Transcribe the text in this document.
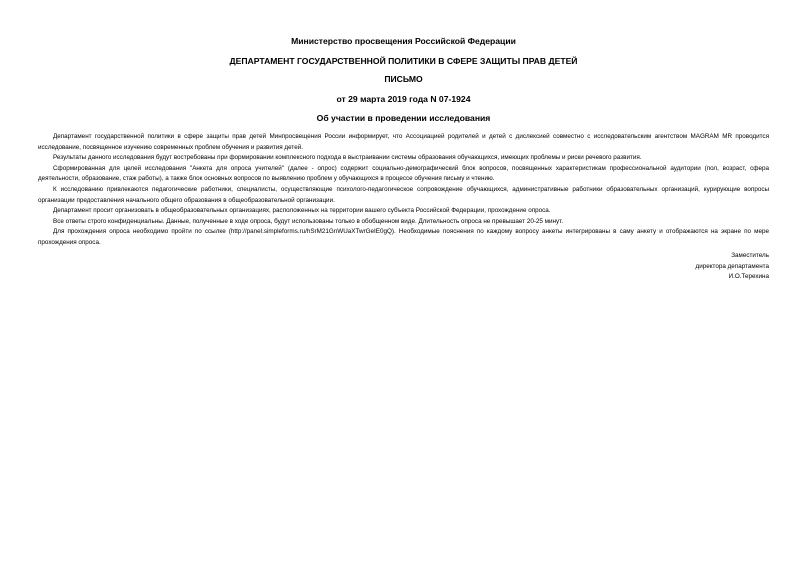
Министерство просвещения Российской Федерации
ДЕПАРТАМЕНТ ГОСУДАРСТВЕННОЙ ПОЛИТИКИ В СФЕРЕ ЗАЩИТЫ ПРАВ ДЕТЕЙ
ПИСЬМО
от 29 марта 2019 года N 07-1924
Об участии в проведении исследования

Департамент государственной политики в сфере защиты прав детей Минпросвещения России информирует, что Ассоциацией родителей и детей с дислексией совместно с исследовательским агентством MAGRAM MR проводится исследование, посвященное изучению современных проблем обучения и развития детей.

Результаты данного исследования будут востребованы при формировании комплексного подхода в выстраивании системы образования обучающихся, имеющих проблемы и риски речевого развития.

Сформированная для целей исследования "Анкета для опроса учителей" (далее - опрос) содержит социально-демографический блок вопросов, посвященных характеристикам профессиональной аудитории (пол, возраст, сфера деятельности, образование, стаж работы), а также блок основных вопросов по выявлению проблем у обучающихся в процессе обучения письму и чтению.

К исследованию привлекаются педагогические работники, специалисты, осуществляющие психолого-педагогическое сопровождение обучающихся, административные работники образовательных организаций, курирующие вопросы организации предоставления начального общего образования в общеобразовательной организации.

Департамент просит организовать в общеобразовательных организациях, расположенных на территории вашего субъекта Российской Федерации, прохождение опроса.

Все ответы строго конфиденциальны. Данные, полученные в ходе опроса, будут использованы только в обобщенном виде. Длительность опроса не превышает 20-25 минут.

Для прохождения опроса необходимо пройти по ссылке (http://panel.simpleforms.ru/hSrM21GnWUaXTwrGeIE0gQ). Необходимые пояснения по каждому вопросу анкеты интегрированы в саму анкету и отображаются на экране по мере прохождения опроса.

Заместитель
директора департамента
И.О.Терехина
